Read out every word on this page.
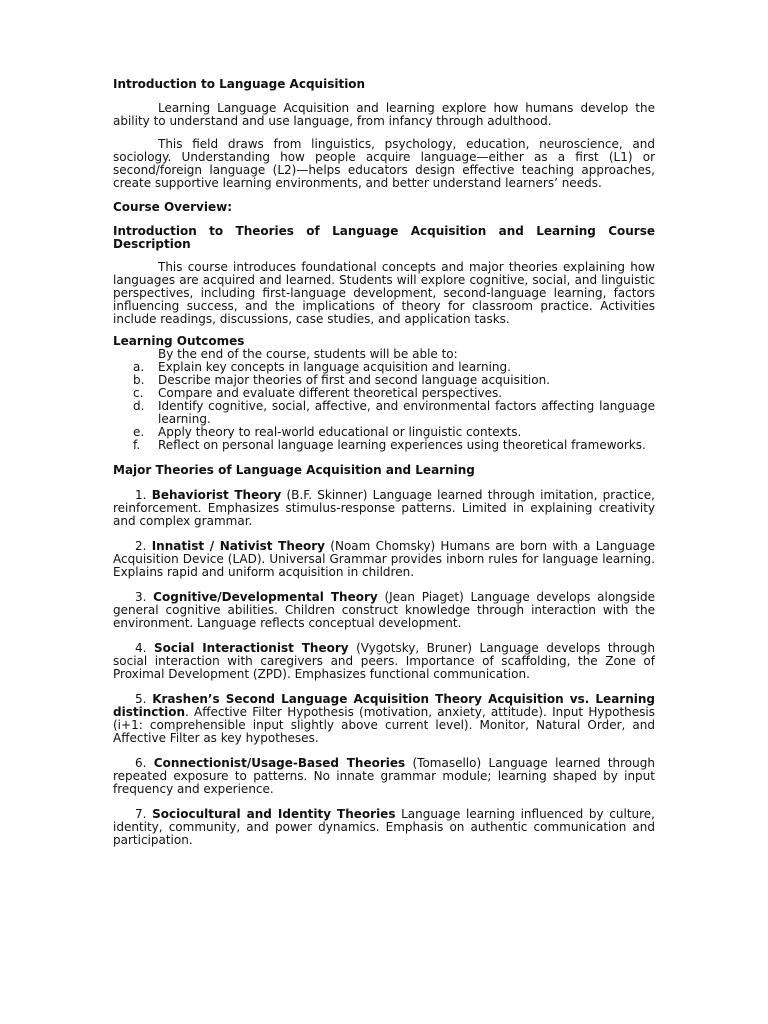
Introduction to Language Acquisition

Learning Language Acquisition and learning explore how humans develop the ability to understand and use language, from infancy through adulthood.

This field draws from linguistics, psychology, education, neuroscience, and sociology. Understanding how people acquire language—either as a first (L1) or second/foreign language (L2)—helps educators design effective teaching approaches, create supportive learning environments, and better understand learners’ needs.

Course Overview:

Introduction to Theories of Language Acquisition and Learning Course Description

This course introduces foundational concepts and major theories explaining how languages are acquired and learned. Students will explore cognitive, social, and linguistic perspectives, including first-language development, second-language learning, factors influencing success, and the implications of theory for classroom practice. Activities include readings, discussions, case studies, and application tasks.

Learning Outcomes

By the end of the course, students will be able to:

a. Explain key concepts in language acquisition and learning.
b. Describe major theories of first and second language acquisition.
c. Compare and evaluate different theoretical perspectives.
d. Identify cognitive, social, affective, and environmental factors affecting language learning.
e. Apply theory to real-world educational or linguistic contexts.
f. Reflect on personal language learning experiences using theoretical frameworks.

Major Theories of Language Acquisition and Learning

1. Behaviorist Theory (B.F. Skinner) Language learned through imitation, practice, reinforcement. Emphasizes stimulus-response patterns. Limited in explaining creativity and complex grammar.

2. Innatist / Nativist Theory (Noam Chomsky) Humans are born with a Language Acquisition Device (LAD). Universal Grammar provides inborn rules for language learning. Explains rapid and uniform acquisition in children.

3. Cognitive/Developmental Theory (Jean Piaget) Language develops alongside general cognitive abilities. Children construct knowledge through interaction with the environment. Language reflects conceptual development.

4. Social Interactionist Theory (Vygotsky, Bruner) Language develops through social interaction with caregivers and peers. Importance of scaffolding, the Zone of Proximal Development (ZPD). Emphasizes functional communication.

5. Krashen’s Second Language Acquisition Theory Acquisition vs. Learning distinction. Affective Filter Hypothesis (motivation, anxiety, attitude). Input Hypothesis (i+1: comprehensible input slightly above current level). Monitor, Natural Order, and Affective Filter as key hypotheses.

6. Connectionist/Usage-Based Theories (Tomasello) Language learned through repeated exposure to patterns. No innate grammar module; learning shaped by input frequency and experience.

7. Sociocultural and Identity Theories Language learning influenced by culture, identity, community, and power dynamics. Emphasis on authentic communication and participation.
